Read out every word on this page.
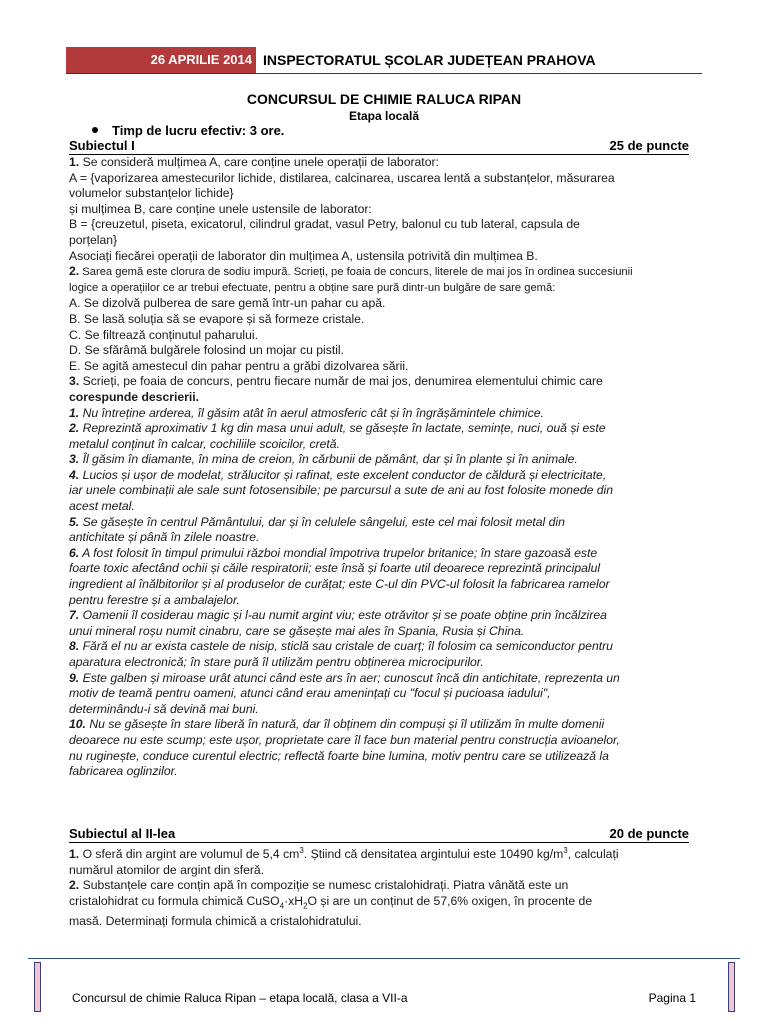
26 APRILIE 2014 INSPECTORATUL ȘCOLAR JUDEȚEAN PRAHOVA
CONCURSUL DE CHIMIE RALUCA RIPAN
Etapa locală
Timp de lucru efectiv: 3 ore.
Subiectul I	25 de puncte
1. Se consideră mulțimea A, care conține unele operații de laborator:
A = {vaporizarea amestecurilor lichide, distilarea, calcinarea, uscarea lentă a substanțelor, măsurarea
volumelor substanțelor lichide}
și mulțimea B, care conține unele ustensile de laborator:
B = {creuzetul, piseta, exicatorul, cilindrul gradat, vasul Petry, balonul cu tub lateral, capsula de
porțelan}
Asociați fiecărei operații de laborator din mulțimea A, ustensila potrivită din mulțimea B.
2. Sarea gemă este clorura de sodiu impură. Scrieți, pe foaia de concurs, literele de mai jos în ordinea succesiunii
logice a operațiilor ce ar trebui efectuate, pentru a obține sare pură dintr-un bulgăre de sare gemă:
A. Se dizolvă pulberea de sare gemă într-un pahar cu apă.
B. Se lasă soluția să se evapore și să formeze cristale.
C. Se filtrează conținutul paharului.
D. Se sfărâmă bulgărele folosind un mojar cu pistil.
E. Se agită amestecul din pahar pentru a grăbi dizolvarea sării.
3. Scrieți, pe foaia de concurs, pentru fiecare număr de mai jos, denumirea elementului chimic care
corespunde descrierii.
1. Nu întreține arderea, îl găsim atât în aerul atmosferic cât și în îngrășămintele chimice.
2. Reprezintă aproximativ 1 kg din masa unui adult, se găsește în lactate, semințe, nuci, ouă și este
metalul conținut în calcar, cochiliile scoicilor, cretă.
3. Îl găsim în diamante, în mina de creion, în cărbunii de pământ, dar și în plante și în animale.
4. Lucios și ușor de modelat, strălucitor și rafinat, este excelent conductor de căldură și electricitate,
iar unele combinații ale sale sunt fotosensibile; pe parcursul a sute de ani au fost folosite monede din
acest metal.
5. Se găsește în centrul Pământului, dar și în celulele sângelui, este cel mai folosit metal din
antichitate și până în zilele noastre.
6. A fost folosit în timpul primului război mondial împotriva trupelor britanice; în stare gazoasă este
foarte toxic afectând ochii și căile respiratorii; este însă și foarte util deoarece reprezintă principalul
ingredient al înălbitorilor și al produselor de curățat; este C-ul din PVC-ul folosit la fabricarea ramelor
pentru ferestre și a ambalajelor.
7. Oamenii îl cosiderau magic și l-au numit argint viu; este otrăvitor și se poate obține prin încălzirea
unui mineral roșu numit cinabru, care se găsește mai ales în Spania, Rusia și China.
8. Fără el nu ar exista castele de nisip, sticlă sau cristale de cuarț; îl folosim ca semiconductor pentru
aparatura electronică; în stare pură îl utilizăm pentru obținerea microcipurilor.
9. Este galben și miroase urât atunci când este ars în aer; cunoscut încă din antichitate, reprezenta un
motiv de teamă pentru oameni, atunci când erau amenințați cu "focul și pucioasa iadului",
determinându-i să devină mai buni.
10. Nu se găsește în stare liberă în natură, dar îl obținem din compuși și îl utilizăm în multe domenii
deoarece nu este scump; este ușor, proprietate care îl face bun material pentru construcția avioanelor,
nu ruginește, conduce curentul electric; reflectă foarte bine lumina, motiv pentru care se utilizează la
fabricarea oglinzilor.
Subiectul al II-lea	20 de puncte
1. O sferă din argint are volumul de 5,4 $cm^3$. Știind că densitatea argintului este 10490 $kg/m^3$, calculați
numărul atomilor de argint din sferă.
2. Substanțele care conțin apă în compoziție se numesc cristalohidrați. Piatra vânătă este un
cristalohidrat cu formula chimică $CuSO_4\cdot xH_2O$ și are un conținut de 57,6% oxigen, în procente de
masă. Determinați formula chimică a cristalohidratului.
Concursul de chimie Raluca Ripan – etapa locală, clasa a VII-a	Pagina 1
